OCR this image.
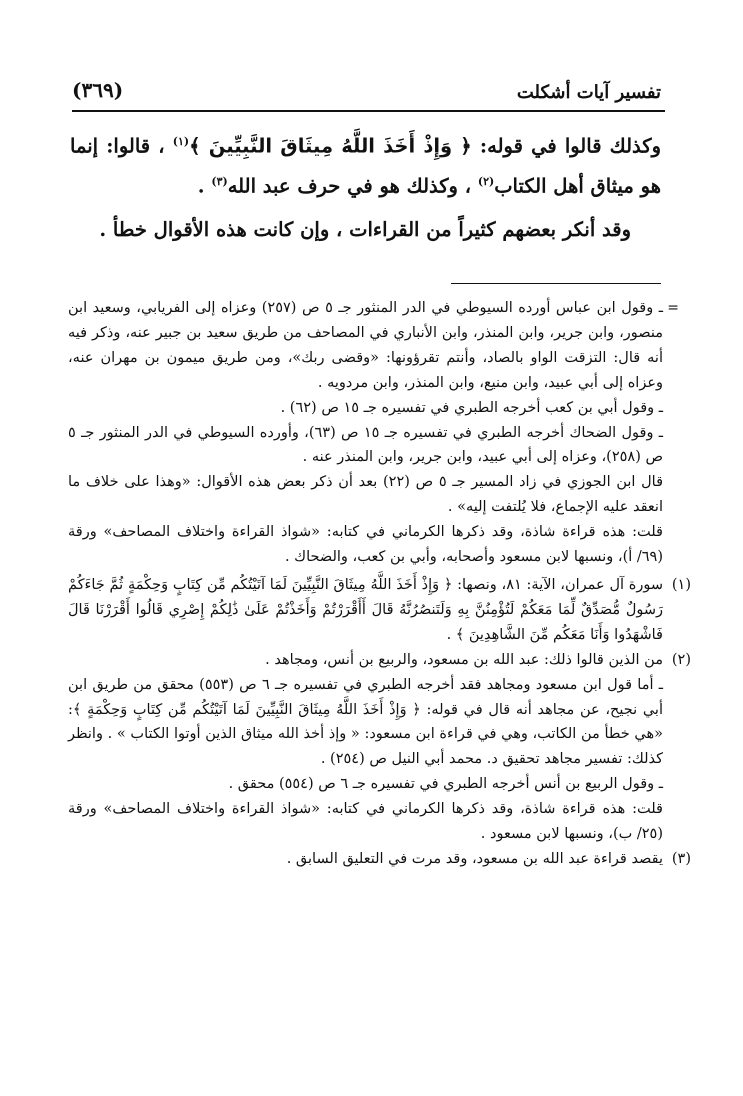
تفسير آيات أشكلت
(٣٦٩)

وكذلك قالوا في قوله: ﴿ وَإِذْ أَخَذَ اللَّهُ مِيثَاقَ النَّبِيِّينَ ﴾$^{(١)}$ ، قالوا: إنما هو ميثاق أهل الكتاب$^{(٢)}$ ، وكذلك هو في حرف عبد الله$^{(٣)}$ .

وقد أنكر بعضهم كثيراً من القراءات ، وإن كانت هذه الأقوال خطأ .

=

ـ وقول ابن عباس أورده السيوطي في الدر المنثور جـ ٥ ص (٢٥٧) وعزاه إلى الفريابي، وسعيد ابن منصور، وابن جرير، وابن المنذر، وابن الأنباري في المصاحف من طريق سعيد بن جبير عنه، وذكر فيه أنه قال: التزقت الواو بالصاد، وأنتم تقرؤونها: «وقضى ربك»، ومن طريق ميمون بن مهران عنه، وعزاه إلى أبي عبيد، وابن منيع، وابن المنذر، وابن مردويه .

ـ وقول أبي بن كعب أخرجه الطبري في تفسيره جـ ١٥ ص (٦٢) .

ـ وقول الضحاك أخرجه الطبري في تفسيره جـ ١٥ ص (٦٣)، وأورده السيوطي في الدر المنثور جـ ٥ ص (٢٥٨)، وعزاه إلى أبي عبيد، وابن جرير، وابن المنذر عنه .

قال ابن الجوزي في زاد المسير جـ ٥ ص (٢٢) بعد أن ذكر بعض هذه الأقوال: «وهذا على خلاف ما انعقد عليه الإجماع، فلا يُلتفت إليه» .

قلت: هذه قراءة شاذة، وقد ذكرها الكرماني في كتابه: «شواذ القراءة واختلاف المصاحف» ورقة (٦٩/ أ)، ونسبها لابن مسعود وأصحابه، وأبي بن كعب، والضحاك .

(١)

سورة آل عمران، الآية: ٨١، ونصها: ﴿ وَإِذْ أَخَذَ اللَّهُ مِيثَاقَ النَّبِيِّينَ لَمَا آتَيْتُكُم مِّن كِتَابٍ وَحِكْمَةٍ ثُمَّ جَاءَكُمْ رَسُولٌ مُّصَدِّقٌ لِّمَا مَعَكُمْ لَتُؤْمِنُنَّ بِهِ وَلَتَنصُرُنَّهُ قَالَ أَأَقْرَرْتُمْ وَأَخَذْتُمْ عَلَىٰ ذَٰلِكُمْ إِصْرِي قَالُوا أَقْرَرْنَا قَالَ فَاشْهَدُوا وَأَنَا مَعَكُم مِّنَ الشَّاهِدِينَ ﴾ .

(٢)

من الذين قالوا ذلك: عبد الله بن مسعود، والربيع بن أنس، ومجاهد .

ـ أما قول ابن مسعود ومجاهد فقد أخرجه الطبري في تفسيره جـ ٦ ص (٥٥٣) محقق من طريق ابن أبي نجيح، عن مجاهد أنه قال في قوله: ﴿ وَإِذْ أَخَذَ اللَّهُ مِيثَاقَ النَّبِيِّينَ لَمَا آتَيْتُكُم مِّن كِتَابٍ وَحِكْمَةٍ ﴾: «هي خطأ من الكاتب، وهي في قراءة ابن مسعود: « وإذ أخذ الله ميثاق الذين أوتوا الكتاب » . وانظر كذلك: تفسير مجاهد تحقيق د. محمد أبي النيل ص (٢٥٤) .

ـ وقول الربيع بن أنس أخرجه الطبري في تفسيره جـ ٦ ص (٥٥٤) محقق .

قلت: هذه قراءة شاذة، وقد ذكرها الكرماني في كتابه: «شواذ القراءة واختلاف المصاحف» ورقة (٢٥/ ب)، ونسبها لابن مسعود .

(٣)

يقصد قراءة عبد الله بن مسعود، وقد مرت في التعليق السابق .
